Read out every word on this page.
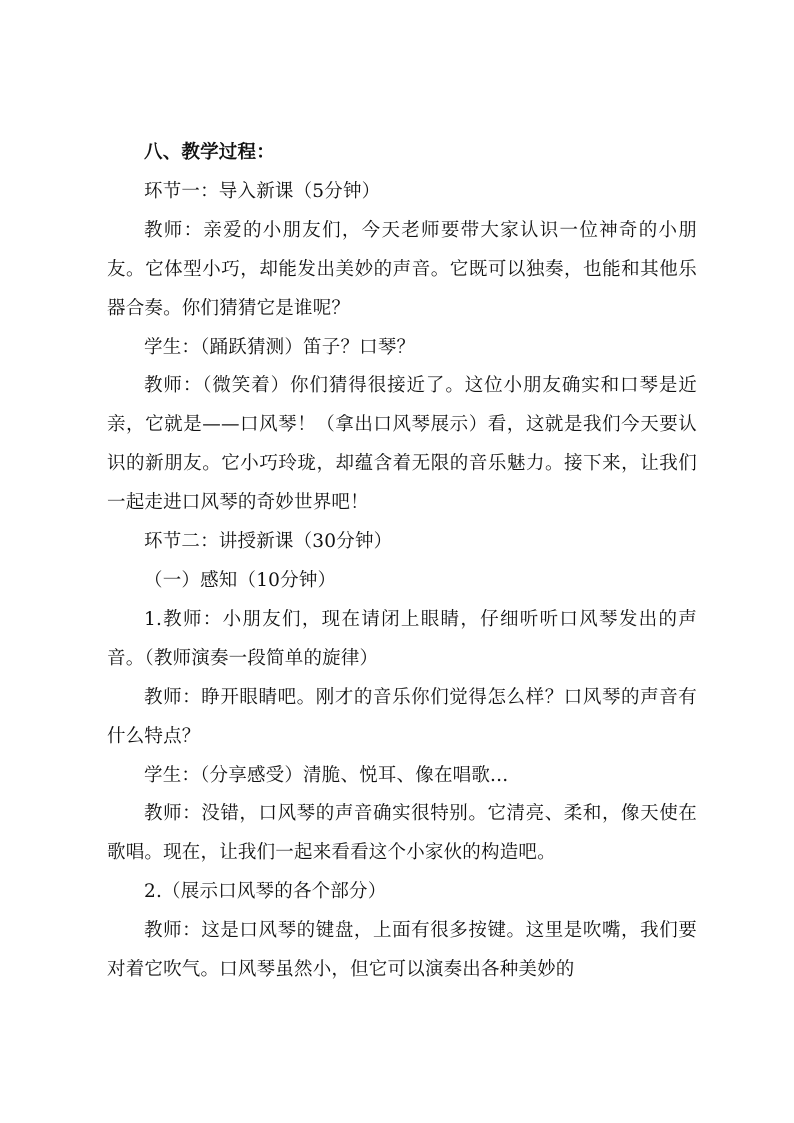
八、教学过程：

环节一：导入新课（5分钟）

教师：亲爱的小朋友们，今天老师要带大家认识一位神奇的小朋友。它体型小巧，却能发出美妙的声音。它既可以独奏，也能和其他乐器合奏。你们猜猜它是谁呢？

学生：（踊跃猜测）笛子？口琴？

教师：（微笑着）你们猜得很接近了。这位小朋友确实和口琴是近亲，它就是——口风琴！（拿出口风琴展示）看，这就是我们今天要认识的新朋友。它小巧玲珑，却蕴含着无限的音乐魅力。接下来，让我们一起走进口风琴的奇妙世界吧！

环节二：讲授新课（30分钟）

（一）感知（10分钟）

1.教师：小朋友们，现在请闭上眼睛，仔细听听口风琴发出的声音。（教师演奏一段简单的旋律）

教师：睁开眼睛吧。刚才的音乐你们觉得怎么样？口风琴的声音有什么特点？

学生：（分享感受）清脆、悦耳、像在唱歌...

教师：没错，口风琴的声音确实很特别。它清亮、柔和，像天使在歌唱。现在，让我们一起来看看这个小家伙的构造吧。

2.（展示口风琴的各个部分）

教师：这是口风琴的键盘，上面有很多按键。这里是吹嘴，我们要对着它吹气。口风琴虽然小，但它可以演奏出各种美妙的
